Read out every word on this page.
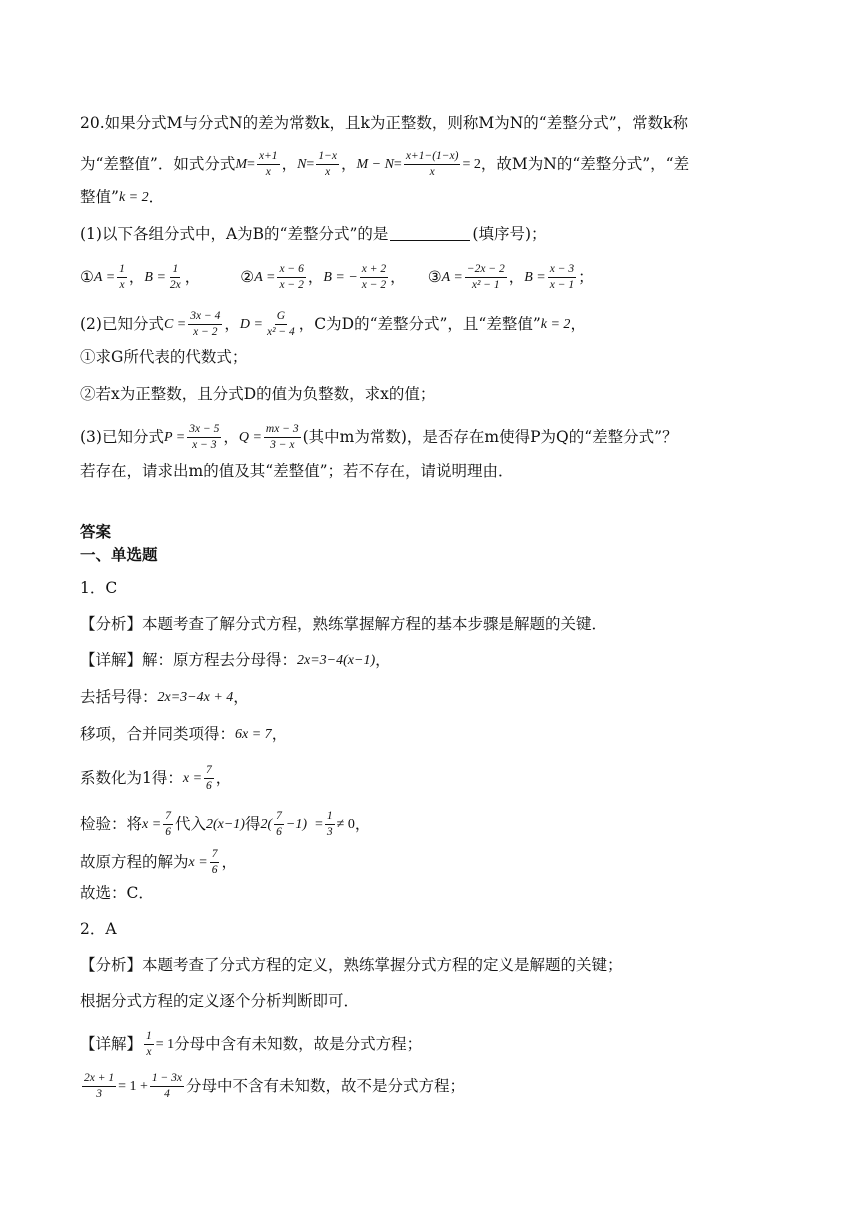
20. 如果分式M与分式N的差为常数k，且k为正整数，则称M为N的“差整分式”，常数k称
为“差整值”．如式分式 $M = \frac{x+1}{x}$ ， $N = \frac{1-x}{x}$ ， $M - N = \frac{x+1-(1-x)}{x} = 2$ ，故M为N的“差整分式”，“差
整值” k = 2 ．
(1)以下各组分式中，A为B的“差整分式”的是	(填序号)；
① $A = \frac{1}{x}$ ， $B = \frac{1}{2x}$ ，	② $A = \frac{x - 6}{x - 2}$ ， B = − $\frac{x + 2}{x - 2}$ ， ③ $A = \frac{-2x - 2}{\text{x² − 1}}$ ， $B = \frac{x - 3}{x - 1}$ ；
(2)已知分式 $C = \frac{3x - 4}{x - 2}$ ， $D = \frac{G}{\text{x² − 4}}$ ，C为D的“差整分式”，且“差整值” k = 2 ，
①求G所代表的代数式；
②若x为正整数，且分式D的值为负整数，求x的值；
(3)已知分式 $P = \frac{3x - 5}{x - 3}$ ， $Q = \frac{mx - 3}{3 - x}$ (其中m为常数)，是否存在m使得P为Q的“差整分式”？
若存在，请求出m的值及其“差整值”；若不存在，请说明理由．
答案
一、单选题
1．C
【分析】本题考查了解分式方程，熟练掌握解方程的基本步骤是解题的关键．
【详解】解：原方程去分母得： 2x=3−4(x−1) ，
去括号得： 2x=3−4x + 4 ，
移项，合并同类项得： 6x = 7 ，
系数化为1得： $x = \frac{7}{6}$ ，
检验：将 $x = \frac{7}{6}$ 代入 2(x−1) 得 $2( \frac{7}{6} -1) = \frac{1}{3} \ne 0$ ，
故原方程的解为 $x = \frac{7}{6}$ ，
故选：C．
2．A
【分析】本题考查了分式方程的定义，熟练掌握分式方程的定义是解题的关键；
根据分式方程的定义逐个分析判断即可．
【详解】 $\frac{1}{x} = 1$ 分母中含有未知数，故是分式方程；
$\frac{2x + 1}{3} = 1 + \frac{1 - 3x}{4}$ 分母中不含有未知数，故不是分式方程；
